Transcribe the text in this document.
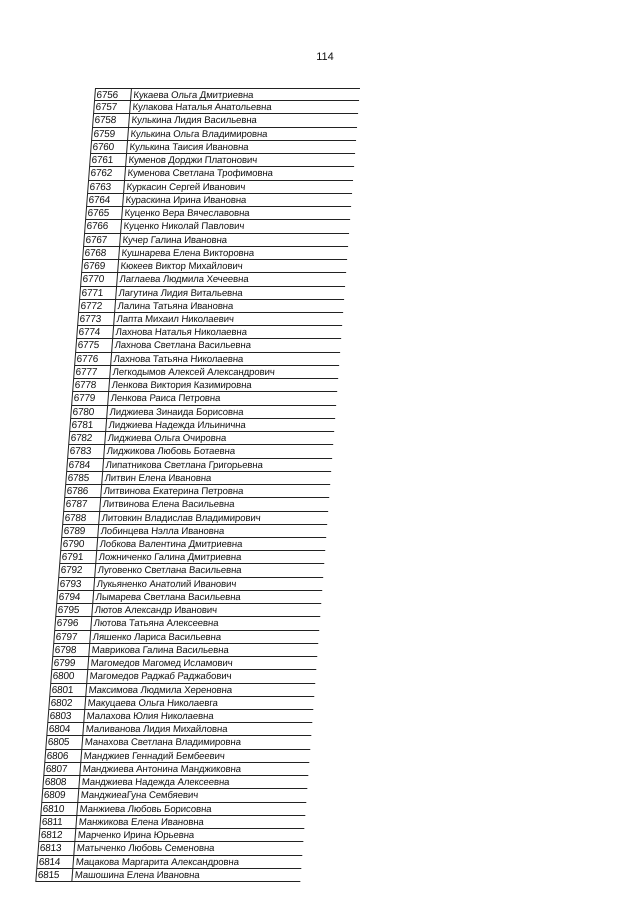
114
6756	Кукаева Ольга Дмитриевна
6757	Кулакова Наталья Анатольевна
6758	Кулькина Лидия Васильевна
6759	Кулькина Ольга Владимировна
6760	Кулькина Таисия Ивановна
6761	Куменов Дорджи Платонович
6762	Куменова Светлана Трофимовна
6763	Куркасин Сергей Иванович
6764	Кураскина Ирина Ивановна
6765	Куценко Вера Вячеславовна
6766	Куценко Николай Павлович
6767	Кучер Галина Ивановна
6768	Кушнарева Елена Викторовна
6769	Кюкеев Виктор Михайлович
6770	Лаглаева Людмила Хечеевна
6771	Лагутина Лидия Витальевна
6772	Лалина Татьяна Ивановна
6773	Лапта Михаил Николаевич
6774	Лахнова Наталья Николаевна
6775	Лахнова Светлана Васильевна
6776	Лахнова Татьяна Николаевна
6777	Легкодымов Алексей Александрович
6778	Ленкова Виктория Казимировна
6779	Ленкова Раиса Петровна
6780	Лиджиева Зинаида Борисовна
6781	Лиджиева Надежда Ильинична
6782	Лиджиева Ольга Очировна
6783	Лиджикова Любовь Ботаевна
6784	Липатникова Светлана Григорьевна
6785	Литвин Елена Ивановна
6786	Литвинова Екатерина Петровна
6787	Литвинова Елена Васильевна
6788	Литовкин Владислав Владимирович
6789	Лобинцева Нэлла Ивановна
6790	Лобкова Валентина Дмитриевна
6791	Ложниченко Галина Дмитриевна
6792	Луговенко Светлана Васильевна
6793	Лукьяненко Анатолий Иванович
6794	Лымарева Светлана Васильевна
6795	Лютов Александр Иванович
6796	Лютова Татьяна Алексеевна
6797	Ляшенко Лариса Васильевна
6798	Маврикова Галина Васильевна
6799	Магомедов Магомед Исламович
6800	Магомедов Раджаб Раджабович
6801	Максимова Людмила Хереновна
6802	Макуцаева Ольга Николаевга
6803	Малахова Юлия Николаевна
6804	Маливанова Лидия Михайловна
6805	Манахова Светлана Владимировна
6806	Манджиев Геннадий Бембеевич
6807	Манджиева Антонина Манджиковна
6808	Манджиева Надежда Алексеевна
6809	МанджиеаГуна Сембяевич
6810	Манжиева Любовь Борисовна
6811	Манжикова Елена Ивановна
6812	Марченко Ирина Юрьевна
6813	Матыченко Любовь Семеновна
6814	Мацакова Маргарита Александровна
6815	Машошина Елена Ивановна
